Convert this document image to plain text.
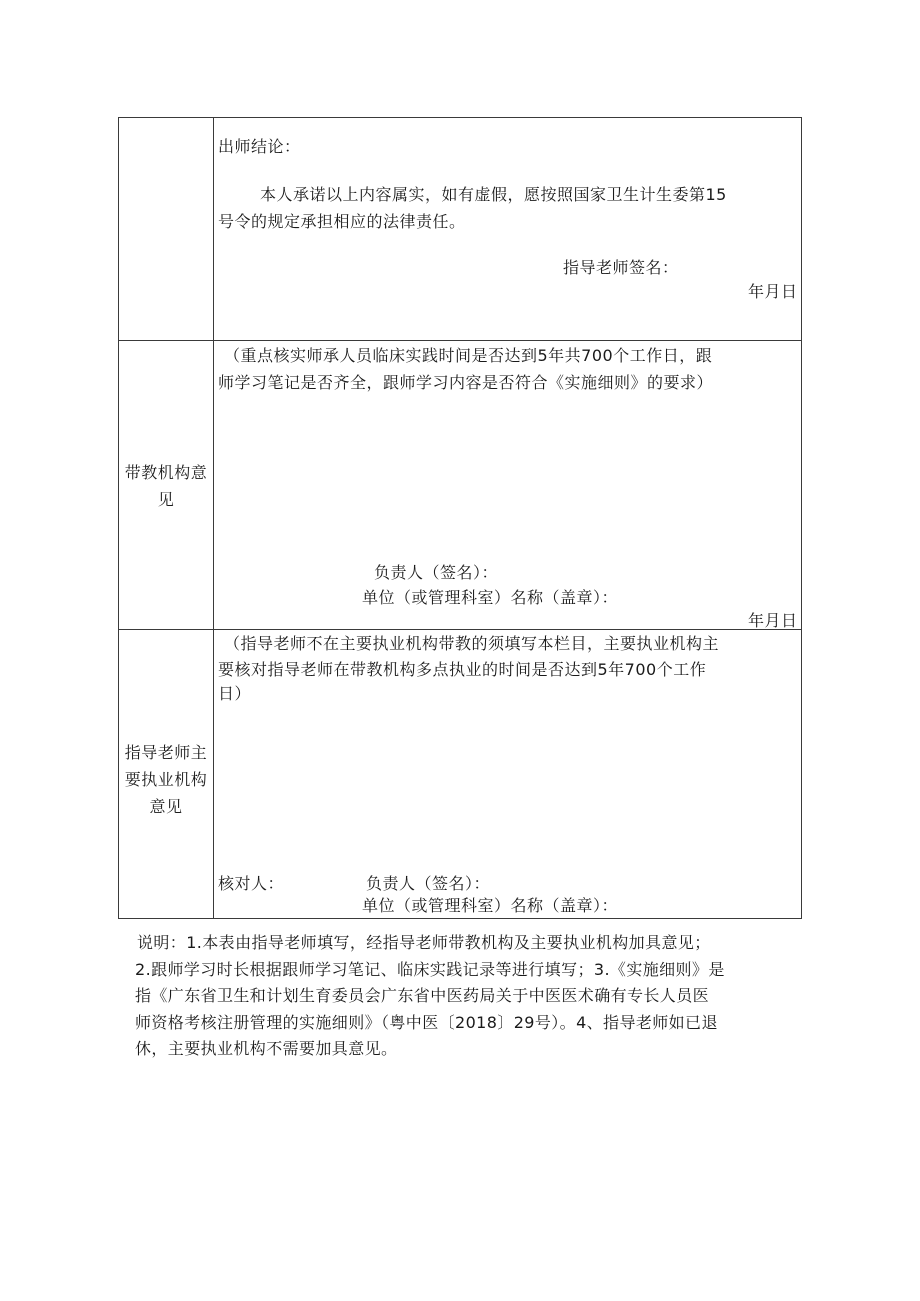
出师结论：
本人承诺以上内容属实，如有虚假，愿按照国家卫生计生委第15
号令的规定承担相应的法律责任。
指导老师签名：
年月日
带教机构意
见
（重点核实师承人员临床实践时间是否达到5年共700个工作日，跟
师学习笔记是否齐全，跟师学习内容是否符合《实施细则》的要求）
负责人（签名）：
单位（或管理科室）名称（盖章）：
年月日
指导老师主
要执业机构
意见
（指导老师不在主要执业机构带教的须填写本栏目，主要执业机构主
要核对指导老师在带教机构多点执业的时间是否达到5年700个工作
日）
核对人：	负责人（签名）：
单位（或管理科室）名称（盖章）：
说明：1.本表由指导老师填写，经指导老师带教机构及主要执业机构加具意见；
2.跟师学习时长根据跟师学习笔记、临床实践记录等进行填写；3.《实施细则》是
指《广东省卫生和计划生育委员会广东省中医药局关于中医医术确有专长人员医
师资格考核注册管理的实施细则》（粤中医〔2018〕29号）。4、指导老师如已退
休，主要执业机构不需要加具意见。
